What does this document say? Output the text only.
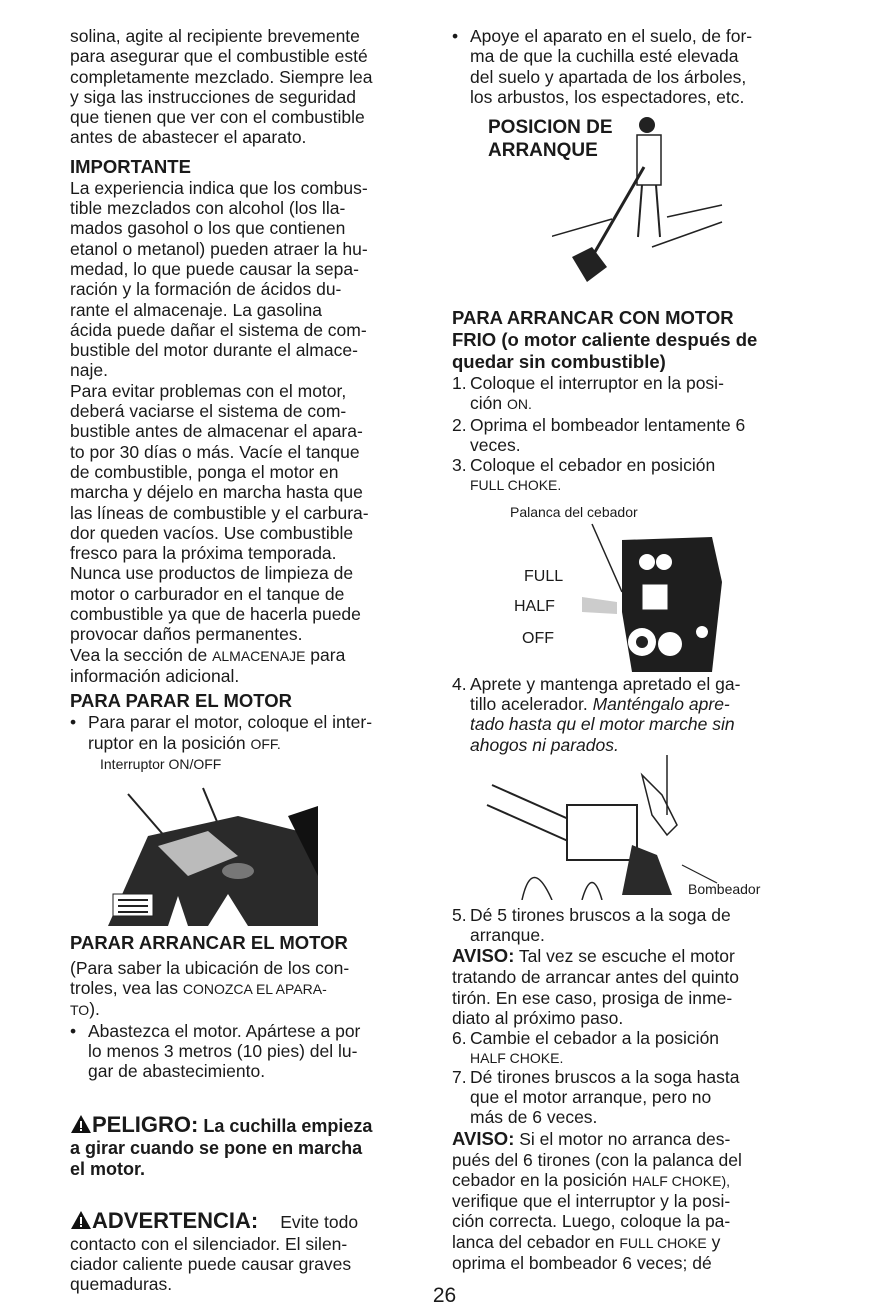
solina, agite al recipiente brevemente

para asegurar que el combustible esté

completamente mezclado. Siempre lea

y siga las instrucciones de seguridad

que tienen que ver con el combustible

antes de abastecer el aparato.

IMPORTANTE

La experiencia indica que los combus-

tible mezclados con alcohol (los lla-

mados gasohol o los que contienen

etanol o metanol) pueden atraer la hu-

medad, lo que puede causar la sepa-

ración y la formación de ácidos du-

rante el almacenaje. La gasolina

ácida puede dañar el sistema de com-

bustible del motor durante el almace-

naje.

Para evitar problemas con el motor,

deberá vaciarse el sistema de com-

bustible antes de almacenar el apara-

to por 30 días o más. Vacíe el tanque

de combustible, ponga el motor en

marcha y déjelo en marcha hasta que

las líneas de combustible y el carbura-

dor queden vacíos. Use combustible

fresco para la próxima temporada.

Nunca use productos de limpieza de

motor o carburador en el tanque de

combustible ya que de hacerla puede

provocar daños permanentes.

Vea la sección de ALMACENAJE para

información adicional.

PARA PARAR EL MOTOR
• Para parar el motor, coloque el inter-
ruptor en la posición OFF.
Interruptor ON/OFF
PARAR ARRANCAR EL MOTOR

(Para saber la ubicación de los con-

troles, vea las CONOZCA EL APARA-

TO).

• Abastezca el motor. Apártese a por
lo menos 3 metros (10 pies) del lu-
gar de abastecimiento.
PELIGRO: La cuchilla empieza
a girar cuando se pone en marcha
el motor.
ADVERTENCIA: Evite todo

contacto con el silenciador. El silen-

ciador caliente puede causar graves

quemaduras.

• Apoye el aparato en el suelo, de for-
ma de que la cuchilla esté elevada
del suelo y apartada de los árboles,
los arbustos, los espectadores, etc.
POSICION DE
ARRANQUE
PARA ARRANCAR CON MOTOR
FRIO (o motor caliente después de
quedar sin combustible)
1. Coloque el interruptor en la posi-
ción ON.
2. Oprima el bombeador lentamente 6
veces.
3. Coloque el cebador en posición
FULL CHOKE.
Palanca del cebador
FULL
HALF
OFF
4. Aprete y mantenga apretado el ga-
tillo acelerador. Manténgalo apre-
tado hasta qu el motor marche sin
ahogos ni parados.
Bombeador
5. Dé 5 tirones bruscos a la soga de
arranque.

AVISO: Tal vez se escuche el motor

tratando de arrancar antes del quinto

tirón. En ese caso, prosiga de inme-

diato al próximo paso.

6. Cambie el cebador a la posición
HALF CHOKE.
7. Dé tirones bruscos a la soga hasta
que el motor arranque, pero no
más de 6 veces.

AVISO: Si el motor no arranca des-

pués del 6 tirones (con la palanca del

cebador en la posición HALF CHOKE),

verifique que el interruptor y la posi-

ción correcta. Luego, coloque la pa-

lanca del cebador en FULL CHOKE y

oprima el bombeador 6 veces; dé

26
